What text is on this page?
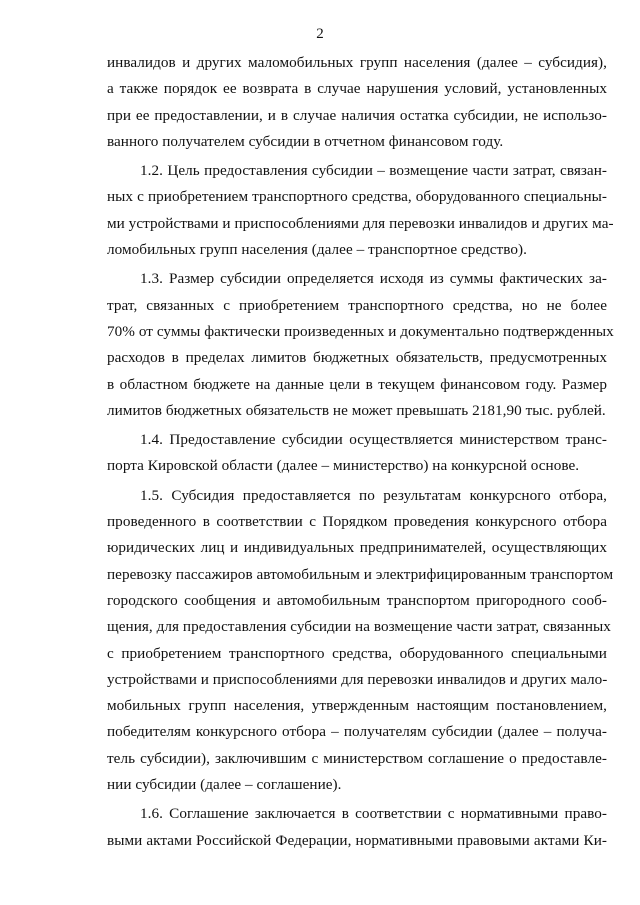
2
инвалидов и других маломобильных групп населения (далее – субсидия),
а также порядок ее возврата в случае нарушения условий, установленных
при ее предоставлении, и в случае наличия остатка субсидии, не использо-
ванного получателем субсидии в отчетном финансовом году.
1.2. Цель предоставления субсидии – возмещение части затрат, связан-
ных с приобретением транспортного средства, оборудованного специальны-
ми устройствами и приспособлениями для перевозки инвалидов и других ма-
ломобильных групп населения (далее – транспортное средство).
1.3. Размер субсидии определяется исходя из суммы фактических за-
трат, связанных с приобретением транспортного средства, но не более
70% от суммы фактически произведенных и документально подтвержденных
расходов в пределах лимитов бюджетных обязательств, предусмотренных
в областном бюджете на данные цели в текущем финансовом году. Размер
лимитов бюджетных обязательств не может превышать 2181,90 тыс. рублей.
1.4. Предоставление субсидии осуществляется министерством транс-
порта Кировской области (далее – министерство) на конкурсной основе.
1.5. Субсидия предоставляется по результатам конкурсного отбора,
проведенного в соответствии с Порядком проведения конкурсного отбора
юридических лиц и индивидуальных предпринимателей, осуществляющих
перевозку пассажиров автомобильным и электрифицированным транспортом
городского сообщения и автомобильным транспортом пригородного сооб-
щения, для предоставления субсидии на возмещение части затрат, связанных
с приобретением транспортного средства, оборудованного специальными
устройствами и приспособлениями для перевозки инвалидов и других мало-
мобильных групп населения, утвержденным настоящим постановлением,
победителям конкурсного отбора – получателям субсидии (далее – получа-
тель субсидии), заключившим с министерством соглашение о предоставле-
нии субсидии (далее – соглашение).
1.6. Соглашение заключается в соответствии с нормативными право-
выми актами Российской Федерации, нормативными правовыми актами Ки-
